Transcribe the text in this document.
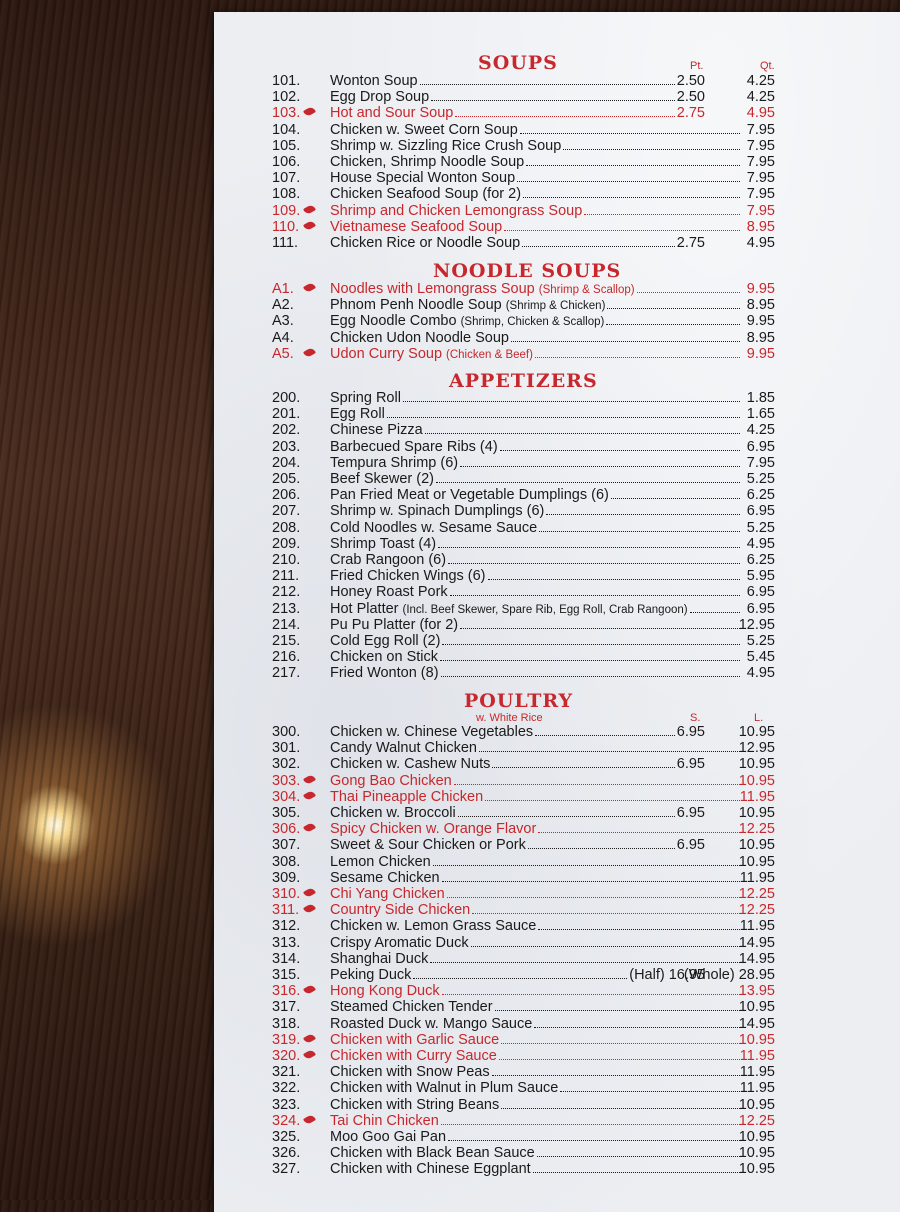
SOUPS	Pt.	Qt.
101. Wonton Soup	2.50	4.25
102. Egg Drop Soup	2.50	4.25
103. Hot and Sour Soup	2.75	4.95
104. Chicken w. Sweet Corn Soup	7.95
105. Shrimp w. Sizzling Rice Crush Soup	7.95
106. Chicken, Shrimp Noodle Soup	7.95
107. House Special Wonton Soup	7.95
108. Chicken Seafood Soup (for 2)	7.95
109. Shrimp and Chicken Lemongrass Soup	7.95
110. Vietnamese Seafood Soup	8.95
111. Chicken Rice or Noodle Soup	2.75	4.95
NOODLE SOUPS
A1. Noodles with Lemongrass Soup (Shrimp & Scallop)	9.95
A2. Phnom Penh Noodle Soup (Shrimp & Chicken)	8.95
A3. Egg Noodle Combo (Shrimp, Chicken & Scallop)	9.95
A4. Chicken Udon Noodle Soup	8.95
A5. Udon Curry Soup (Chicken & Beef)	9.95
APPETIZERS
200. Spring Roll	1.85
201. Egg Roll	1.65
202. Chinese Pizza	4.25
203. Barbecued Spare Ribs (4)	6.95
204. Tempura Shrimp (6)	7.95
205. Beef Skewer (2)	5.25
206. Pan Fried Meat or Vegetable Dumplings (6)	6.25
207. Shrimp w. Spinach Dumplings (6)	6.95
208. Cold Noodles w. Sesame Sauce	5.25
209. Shrimp Toast (4)	4.95
210. Crab Rangoon (6)	6.25
211. Fried Chicken Wings (6)	5.95
212. Honey Roast Pork	6.95
213. Hot Platter (Incl. Beef Skewer, Spare Rib, Egg Roll, Crab Rangoon)	6.95
214. Pu Pu Platter (for 2)	12.95
215. Cold Egg Roll (2)	5.25
216. Chicken on Stick	5.45
217. Fried Wonton (8)	4.95
POULTRY
S.	L.
w. White Rice
300. Chicken w. Chinese Vegetables	6.95 10.95
301. Candy Walnut Chicken	12.95
302. Chicken w. Cashew Nuts	6.95 10.95
303. Gong Bao Chicken	10.95
304. Thai Pineapple Chicken	11.95
305. Chicken w. Broccoli	6.95 10.95
306. Spicy Chicken w. Orange Flavor	12.25
307. Sweet & Sour Chicken or Pork	6.95 10.95
308. Lemon Chicken	10.95
309. Sesame Chicken	11.95
310. Chi Yang Chicken	12.25
311. Country Side Chicken	12.25
312. Chicken w. Lemon Grass Sauce	11.95
313. Crispy Aromatic Duck	14.95
314. Shanghai Duck	14.95
315. Peking Duck	(Half) 16.95
(Whole) 28.95
316. Hong Kong Duck	13.95
317. Steamed Chicken Tender	10.95
318. Roasted Duck w. Mango Sauce	14.95
319. Chicken with Garlic Sauce	10.95
320. Chicken with Curry Sauce	11.95
321. Chicken with Snow Peas	11.95
322. Chicken with Walnut in Plum Sauce	11.95
323. Chicken with String Beans	10.95
324. Tai Chin Chicken	12.25
325. Moo Goo Gai Pan	10.95
326. Chicken with Black Bean Sauce	10.95
327. Chicken with Chinese Eggplant	10.95
